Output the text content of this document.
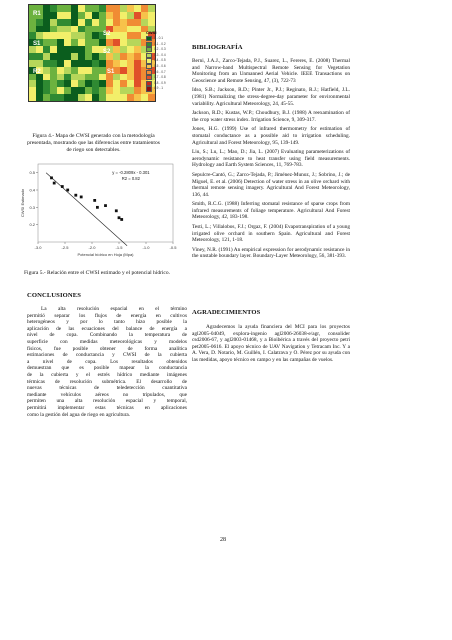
R1
S1
R2
S2
S2
S1
CWSI
0 - 0.1
0.1 - 0.2
0.2 - 0.3
0.3 - 0.4
0.4 - 0.5
0.5 - 0.6
0.6 - 0.7
0.7 - 0.8
0.8 - 0.9
0.9 - 1
Figura 4.- Mapa de CWSI generado con la metodología presentada, mostrando que las diferencias entre tratamientos de riego son detectables.
0.2
0.3
0.4
0.5
-3.0	-2.5	-2.0	-1.5	-1.0	-0.5
y = -0.2809x - 0.301
R2 = 0.82
Potencial hídrico en Hoja (Mpa)
CWSI Estimado
Figura 5.- Relación entre el CWSI estimado y el potencial hídrico.
CONCLUSIONES
La alta resolución espacial en el término
permitió separar los flujos de energía en cultivos
heterogéneos y por lo tanto hizo posible la
aplicación de las ecuaciones del balance de energía a
nivel de copa. Combinando la temperatura de
superficie con medidas meteorológicas y modelos
físicos, fue posible obtener de forma analítica
estimaciones de conductancia y CWSI de la cubierta
a nivel de copa. Los resultados obtenidos
demuestran que es posible mapear la conductancia
de la cubierta y el estrés hídrico mediante imágenes
térmicas de resolución submétrica. El desarrollo de
nuevas técnicas de teledetección cuantitativa
mediante vehículos aéreos no tripulados, que
permiten una alta resolución espacial y temporal,
permitirá implementar estas técnicas en aplicaciones
como la gestión del agua de riego en agricultura.
BIBLIOGRAFÍA

Berni, J.A.J., Zarco-Tejada, P.J., Suarez, L., Fereres, E. (2008) Thermal and Narrow-band Multispectral Remote Sensing for Vegetation Monitoring from an Unmanned Aerial Vehicle. IEEE Transactions on Geoscience and Remote Sensing, 47, (3), 722-73

Idso, S.B.; Jackson, R.D.; Pinter Jr., P.J.; Reginato, R.J.; Hatfield, J.L. (1981) Normalizing the stress-degree-day parameter for environmental variability. Agricultural Meteorology, 24, 45-55.

Jackson, R.D.; Kustas, W.P.; Choudhury, B.J. (1988) A reexamination of the crop water stress index. Irrigation Science, 9, 309-317.

Jones, H.G. (1999) Use of infrared thermometry for estimation of stomatal conductance as a possible aid to irrigation scheduling. Agricultural and Forest Meteorology, 95, 139-149.

Liu, S.; Lu, L.; Mao, D.; Jia, L. (2007) Evaluating parameterizations of aerodynamic resistance to heat transfer using field measurements. Hydrology and Earth System Sciences, 11, 769-783.

Sepulcre-Cantó, G.; Zarco-Tejada, P.; Jiménez-Munoz, J.; Sobrino, J.; de Miguel, E. et al. (2006) Detection of water stress in an olive orchard with thermal remote sensing imagery. Agricultural And Forest Meteorology, 136, 44.

Smith, R.C.G. (1988) Inferring stomatal resistance of sparse crops from infrared measurements of foliage temperature. Agricultural And Forest Meteorology, 42, 183-198.

Testi, L.; Villalobos, F.J.; Orgaz, F. (2004) Evapotranspiration of a young irrigated olive orchard in southern Spain. Agricultural and Forest Meteorology, 121, 1-18.

Viney, N.R. (1991) An empirical expression for aerodynamic resistance in the unstable boundary layer. Boundary-Layer Meteorology, 56, 381-393.

AGRADECIMIENTOS
Agradecemos la ayuda financiera del MCI para los proyectos agl2005-04049, explora-ingenio agl2006-26038-e/agr, consolider csd2006-67, y agl2003-01468, y a Bioibérica a través del proyecto petri pet2005-0616. El apoyo técnico de UAV Navigation y Tetracam Inc. Y a A. Vera, D. Notario, M. Guillén, I. Calatrava y O. Pérez por su ayuda con las medidas, apoyo técnico en campo y en las campañas de vuelos.
28
